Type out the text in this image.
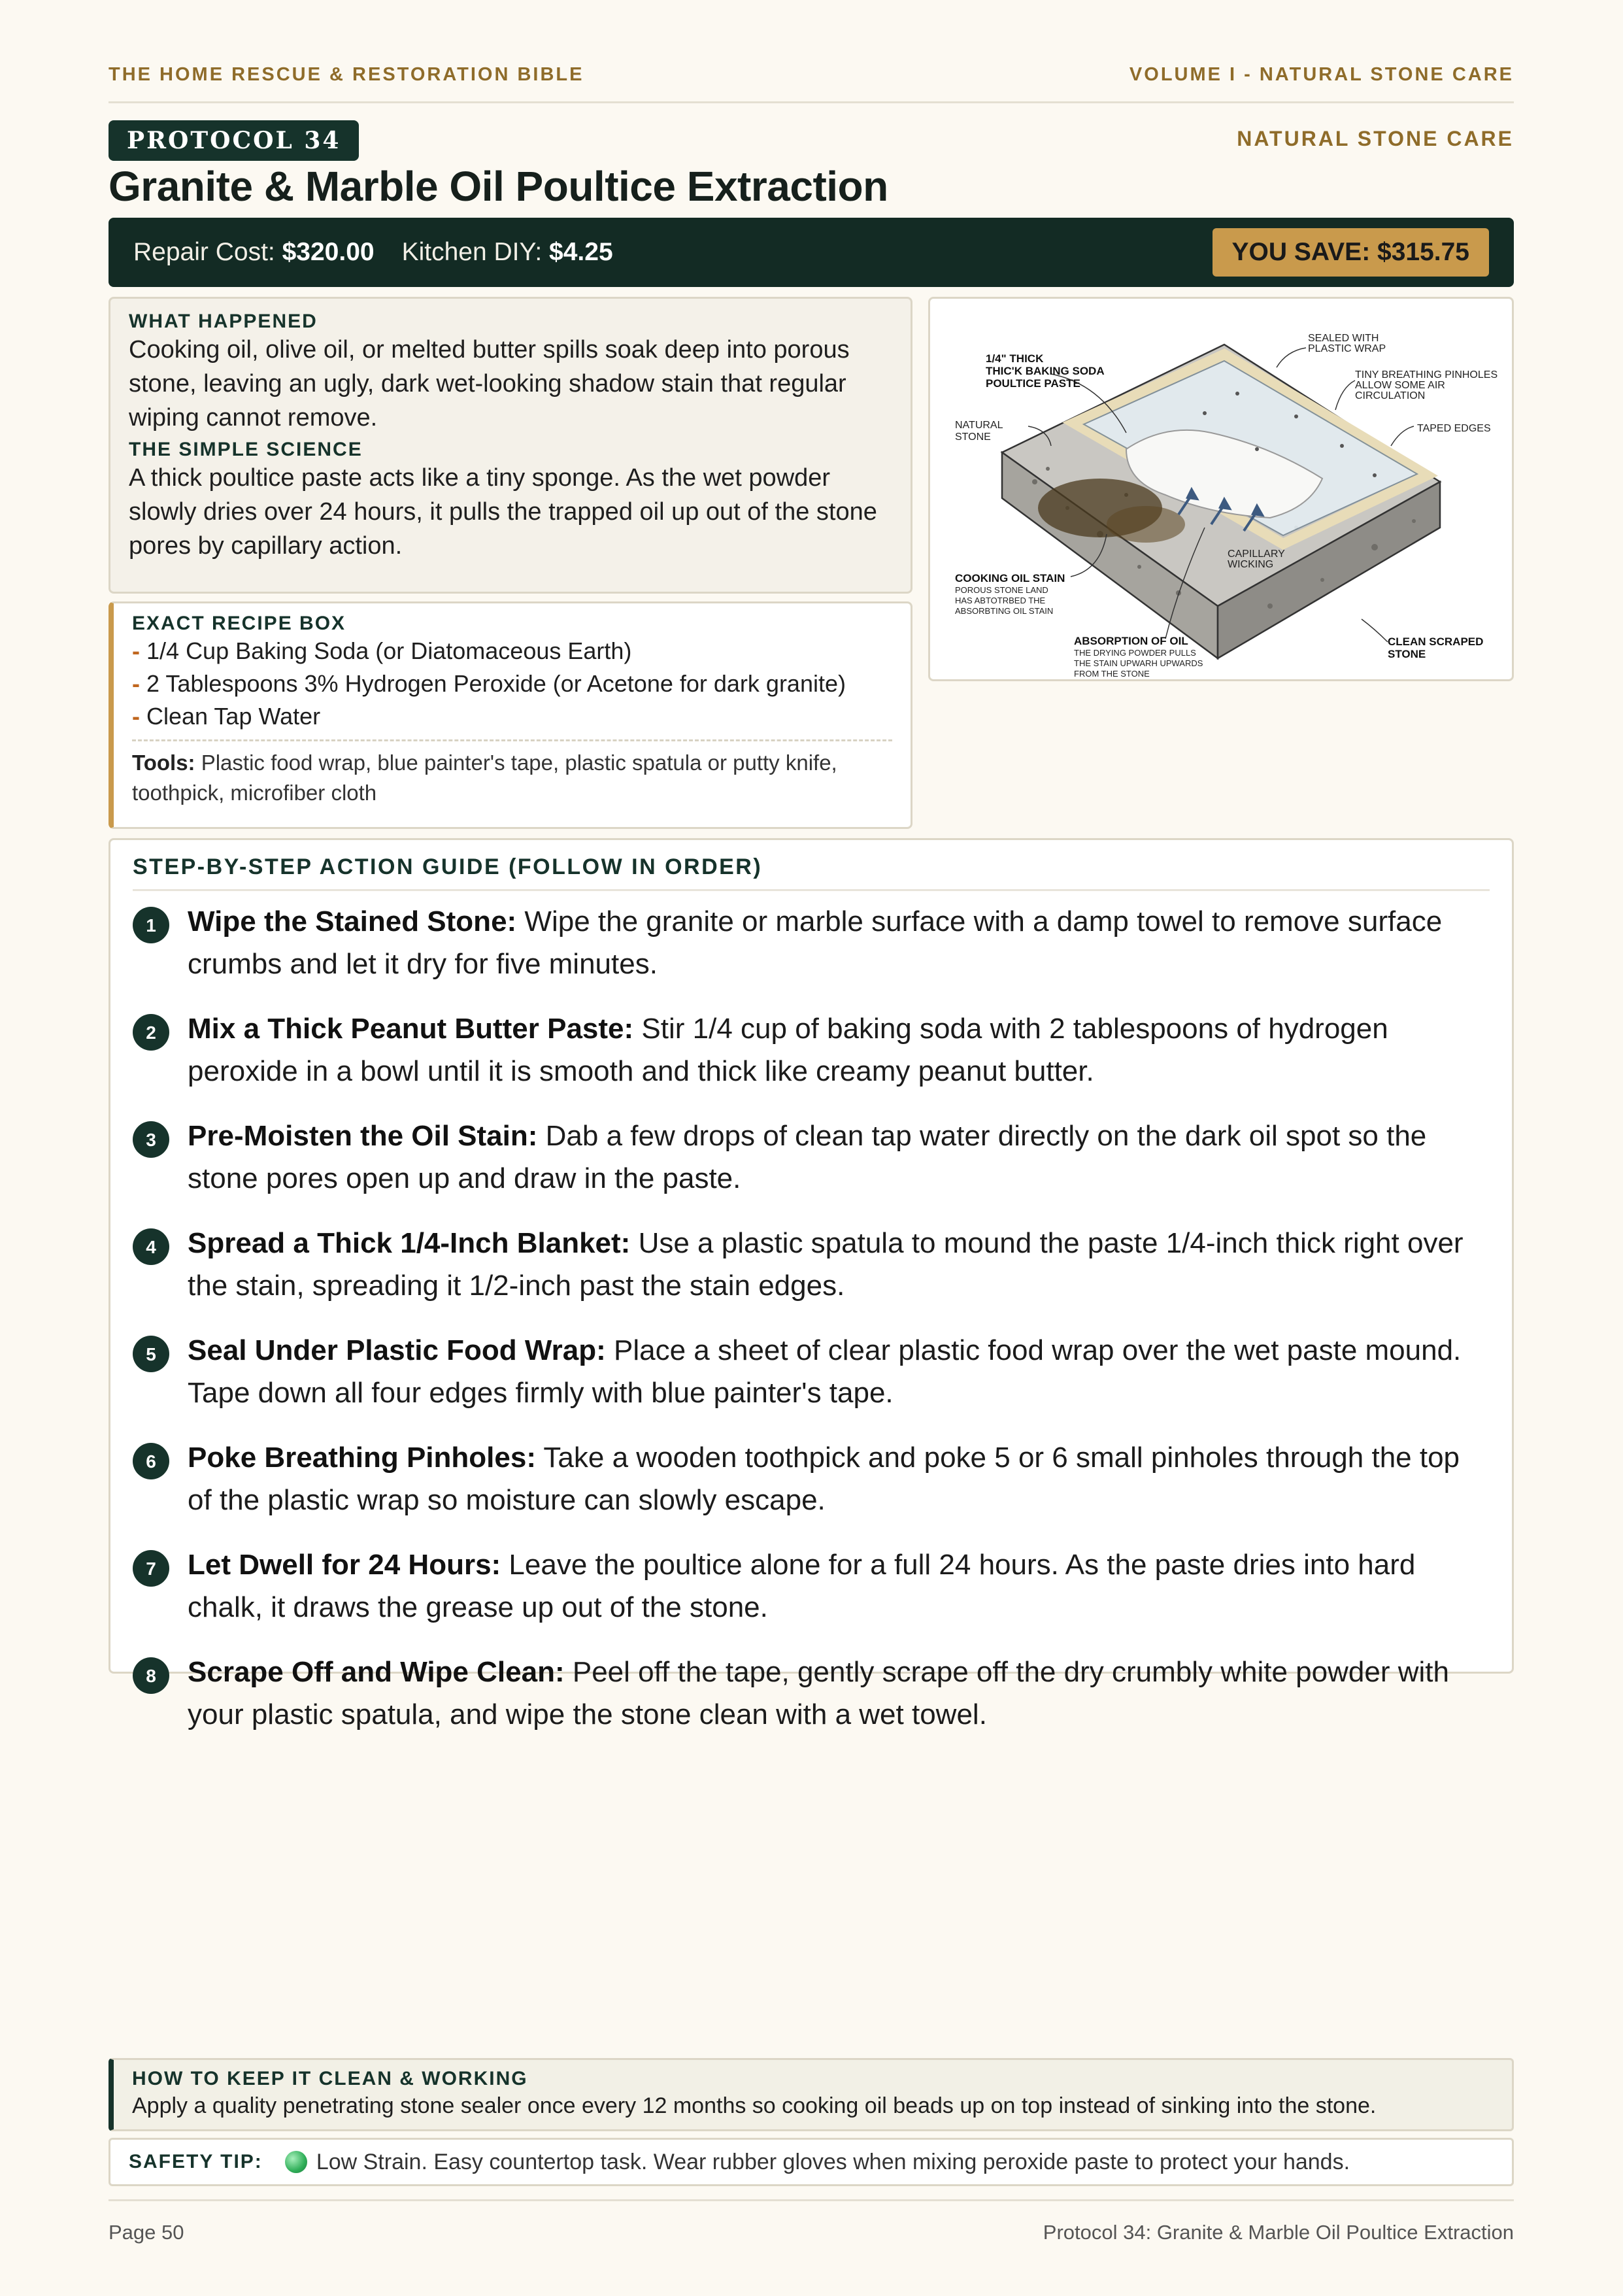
THE HOME RESCUE & RESTORATION BIBLE	VOLUME I - NATURAL STONE CARE
PROTOCOL 34	NATURAL STONE CARE
Granite & Marble Oil Poultice Extraction
Repair Cost:
$320.00 Kitchen DIY:
$4.25	YOU SAVE: $315.75
WHAT HAPPENED

Cooking oil, olive oil, or melted butter spills soak deep into porous stone, leaving an ugly, dark wet-looking shadow stain that regular wiping cannot remove.

THE SIMPLE SCIENCE

A thick poultice paste acts like a tiny sponge. As the wet powder slowly dries over 24 hours, it pulls the trapped oil up out of the stone pores by capillary action.

EXACT RECIPE BOX
- 1/4 Cup Baking Soda (or Diatomaceous Earth)
- 2 Tablespoons 3% Hydrogen Peroxide (or Acetone for dark granite)
- Clean Tap Water
Tools: Plastic food wrap, blue painter's tape, plastic spatula or putty knife, toothpick, microfiber cloth
1/4" THICK
THIC'K BAKING SODA
POULTICE PASTE
NATURAL
STONE
SEALED WITH
PLASTIC WRAP
TINY BREATHING PINHOLES
ALLOW SOME AIR
CIRCULATION
TAPED EDGES
CAPILLARY
WICKING
COOKING OIL STAIN
POROUS STONE LAND
HAS ABTOTRBED THE
ABSORBTING OIL STAIN
ABSORPTION OF OIL
THE DRYING POWDER PULLS
THE STAIN UPWARH UPWARDS
FROM THE STONE
CLEAN SCRAPED
STONE
STEP-BY-STEP ACTION GUIDE (FOLLOW IN ORDER)
1	Wipe the Stained Stone: Wipe the granite or marble surface with a damp towel to remove surface crumbs and let it dry for five minutes.
2	Mix a Thick Peanut Butter Paste: Stir 1/4 cup of baking soda with 2 tablespoons of hydrogen peroxide in a bowl until it is smooth and thick like creamy peanut butter.
3	Pre-Moisten the Oil Stain: Dab a few drops of clean tap water directly on the dark oil spot so the stone pores open up and draw in the paste.
4	Spread a Thick 1/4-Inch Blanket: Use a plastic spatula to mound the paste 1/4-inch thick right over the stain, spreading it 1/2-inch past the stain edges.
5	Seal Under Plastic Food Wrap: Place a sheet of clear plastic food wrap over the wet paste mound. Tape down all four edges firmly with blue painter's tape.
6	Poke Breathing Pinholes: Take a wooden toothpick and poke 5 or 6 small pinholes through the top of the plastic wrap so moisture can slowly escape.
7	Let Dwell for 24 Hours: Leave the poultice alone for a full 24 hours. As the paste dries into hard chalk, it draws the grease up out of the stone.
8	Scrape Off and Wipe Clean: Peel off the tape, gently scrape off the dry crumbly white powder with your plastic spatula, and wipe the stone clean with a wet towel.
HOW TO KEEP IT CLEAN & WORKING

Apply a quality penetrating stone sealer once every 12 months so cooking oil beads up on top instead of sinking into the stone.

SAFETY TIP: Low Strain. Easy countertop task. Wear rubber gloves when mixing peroxide paste to protect your hands.
Page 50	Protocol 34: Granite & Marble Oil Poultice Extraction
